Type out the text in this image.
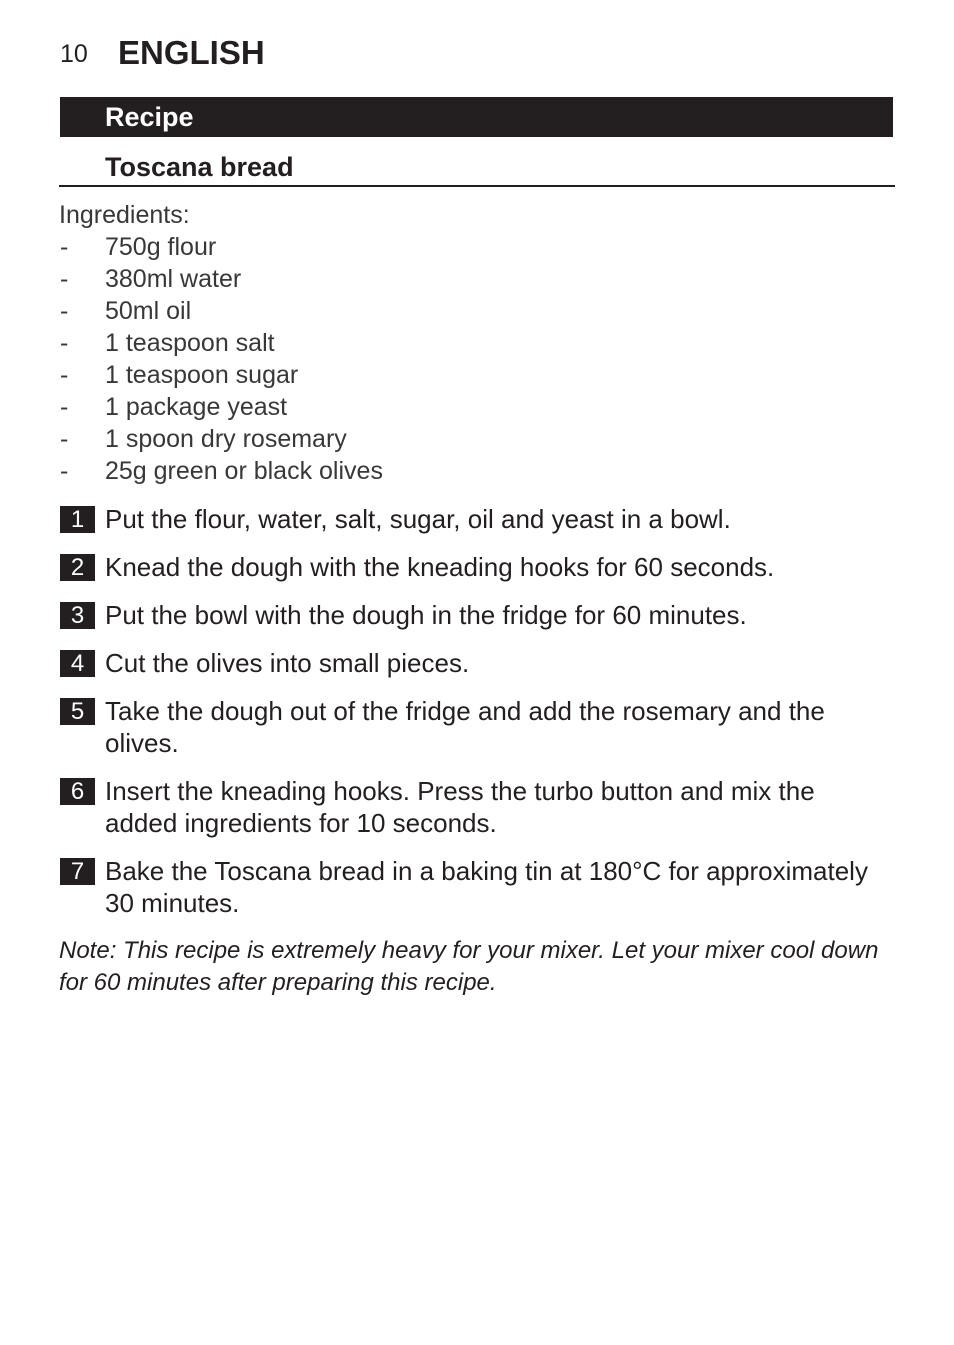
10 ENGLISH
Recipe
Toscana bread
Ingredients:
-	750g flour
-	380ml water
-	50ml oil
-	1 teaspoon salt
-	1 teaspoon sugar
-	1 package yeast
-	1 spoon dry rosemary
-	25g green or black olives
1 Put the flour, water, salt, sugar, oil and yeast in a bowl.
2 Knead the dough with the kneading hooks for 60 seconds.
3 Put the bowl with the dough in the fridge for 60 minutes.
4 Cut the olives into small pieces.
5 Take the dough out of the fridge and add the rosemary and the olives.
6 Insert the kneading hooks. Press the turbo button and mix the added ingredients for 10 seconds.
7 Bake the Toscana bread in a baking tin at 180°C for approximately 30 minutes.
Note: This recipe is extremely heavy for your mixer. Let your mixer cool down for 60 minutes after preparing this recipe.
